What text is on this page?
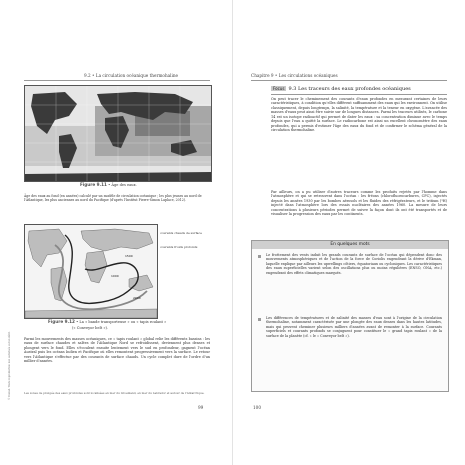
9.2 • La circulation océanique thermohaline
Figure 9.11 • Âge des eaux.
Âge des eaux au fond (en années) calculé par un modèle de circulation océanique ; les plus jeunes au nord de l'Atlantique, les plus anciennes au nord du Pacifique (d'après l'Institut Pierre-Simon Laplace, 2012).
1000
1500
2000
courants chauds de surface
courants froids profonds
Figure 9.12 • La « bande transporteuse » ou « tapis roulant »
(« Conveyor belt »).

Parmi les mouvements des masses océaniques, ce « tapis roulant » global relie les différents bassins : les eaux de surface chaudes et salées de l'Atlantique Nord se refroidissent, deviennent plus denses et plongent vers le fond. Elles s'écoulent ensuite lentement vers le sud en profondeur, gagnent l'océan Austral puis les océans Indien et Pacifique où elles remontent progressivement vers la surface. Le retour vers l'Atlantique s'effectue par des courants de surface chauds. Un cycle complet dure de l'ordre d'un millier d'années.

Les zones de plongée des eaux profondes sont localisées en mer du Groenland, en mer du Labrador et autour de l'Antarctique.
© Dunod. Toute reproduction non autorisée est un délit.
99
Chapitre 9 • Les circulations océaniques
Focus 9.3 Les traceurs des eaux profondes océaniques

On peut tracer le cheminement des courants d'eaux profondes en mesurant certaines de leurs caractéristiques, à condition qu'elles diffèrent suffisamment des eaux qui les environnent. On utilise classiquement, depuis longtemps, la salinité, la température et la teneur en oxygène. L'avancée des masses d'eaux peut ainsi être suivie sur de longues distances. Parmi les traceurs utilisés, le carbone 14 est un isotope radioactif qui permet de dater les eaux : sa concentration diminue avec le temps depuis que l'eau a quitté la surface. Le radiocarbone est ainsi un excellent chronomètre des eaux profondes, qui a permis d'estimer l'âge des eaux du fond et de confirmer le schéma général de la circulation thermohaline.

Par ailleurs, on a pu utiliser d'autres traceurs comme les produits rejetés par l'homme dans l'atmosphère et qui se retrouvent dans l'océan : les fréons (chlorofluorocarbures, CFC), injectés depuis les années 1930 par les bombes aérosols et les fluides des réfrigérateurs, et le tritium (³H) injecté dans l'atmosphère lors des essais nucléaires des années 1960. La mesure de leurs concentrations à plusieurs périodes permet de suivre la façon dont ils ont été transportés et de visualiser la progression des eaux par les continents.

En quelques mots
Le frottement des vents induit les grands courants de surface de l'océan qui dépendent donc des mouvements atmosphériques et de l'action de la force de Coriolis engendrant la dérive d'Ekman, laquelle explique par ailleurs les upwellings côtiers, équatoriaux ou cycloniques. Les caractéristiques des eaux superficielles varient selon des oscillations plus ou moins régulières (ENSO, ONA, etc.) engendrant des effets climatiques marqués.
Les différences de températures et de salinité des masses d'eau sont à l'origine de la circulation thermohaline, notamment caractérisée par une plongée des eaux denses dans les hautes latitudes, mais qui peuvent cheminer plusieurs milliers d'années avant de remonter à la surface. Courants superficiels et courants profonds se conjuguent pour constituer le « grand tapis roulant » de la surface de la planète (cf. « le « Conveyor belt »).
100
